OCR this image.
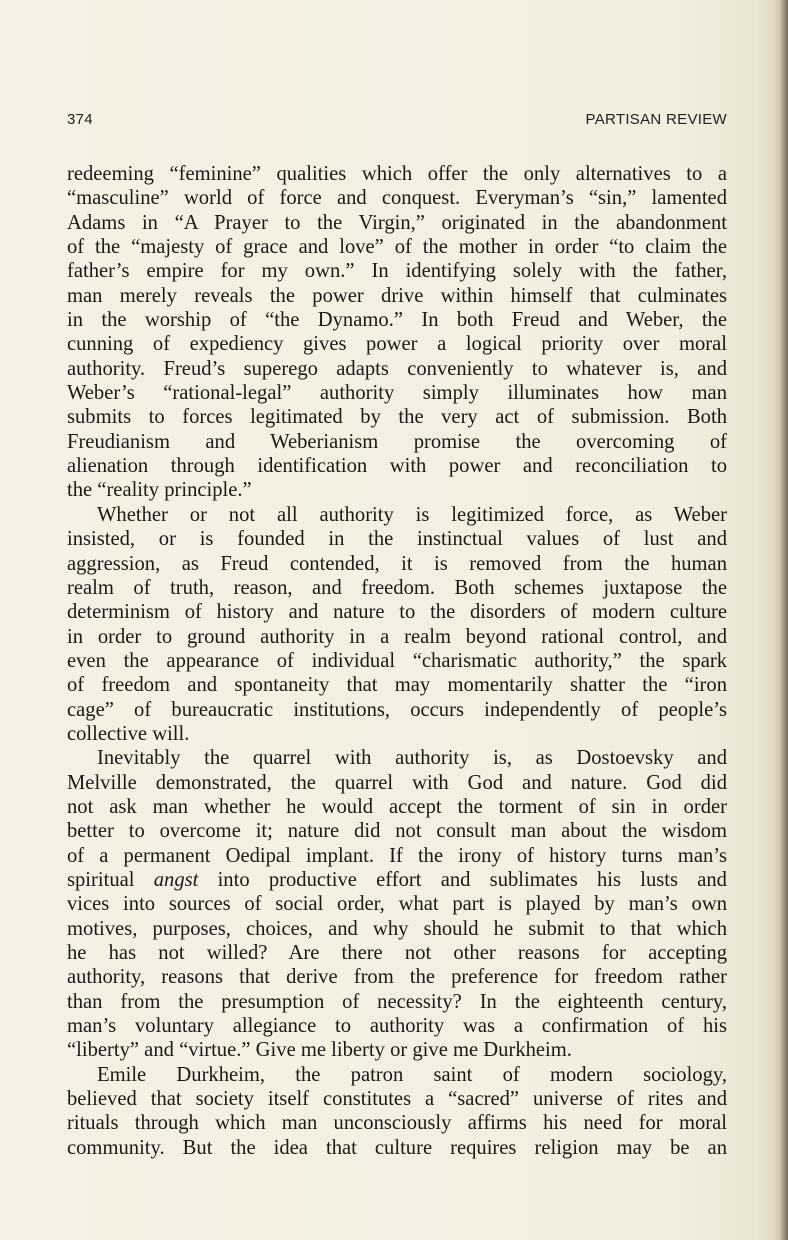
374	PARTISAN REVIEW
redeeming “feminine” qualities which offer the only alternatives to a
“masculine” world of force and conquest. Everyman’s “sin,” lamented
Adams in “A Prayer to the Virgin,” originated in the abandonment
of the “majesty of grace and love” of the mother in order “to claim the
father’s empire for my own.” In identifying solely with the father,
man merely reveals the power drive within himself that culminates
in the worship of “the Dynamo.” In both Freud and Weber, the
cunning of expediency gives power a logical priority over moral
authority. Freud’s superego adapts conveniently to whatever is, and
Weber’s “rational-legal” authority simply illuminates how man
submits to forces legitimated by the very act of submission. Both
Freudianism and Weberianism promise the overcoming of
alienation through identification with power and reconciliation to
the “reality principle.”
Whether or not all authority is legitimized force, as Weber
insisted, or is founded in the instinctual values of lust and
aggression, as Freud contended, it is removed from the human
realm of truth, reason, and freedom. Both schemes juxtapose the
determinism of history and nature to the disorders of modern culture
in order to ground authority in a realm beyond rational control, and
even the appearance of individual “charismatic authority,” the spark
of freedom and spontaneity that may momentarily shatter the “iron
cage” of bureaucratic institutions, occurs independently of people’s
collective will.
Inevitably the quarrel with authority is, as Dostoevsky and
Melville demonstrated, the quarrel with God and nature. God did
not ask man whether he would accept the torment of sin in order
better to overcome it; nature did not consult man about the wisdom
of a permanent Oedipal implant. If the irony of history turns man’s
spiritual angst into productive effort and sublimates his lusts and
vices into sources of social order, what part is played by man’s own
motives, purposes, choices, and why should he submit to that which
he has not willed? Are there not other reasons for accepting
authority, reasons that derive from the preference for freedom rather
than from the presumption of necessity? In the eighteenth century,
man’s voluntary allegiance to authority was a confirmation of his
“liberty” and “virtue.” Give me liberty or give me Durkheim.
Emile Durkheim, the patron saint of modern sociology,
believed that society itself constitutes a “sacred” universe of rites and
rituals through which man unconsciously affirms his need for moral
community. But the idea that culture requires religion may be an
